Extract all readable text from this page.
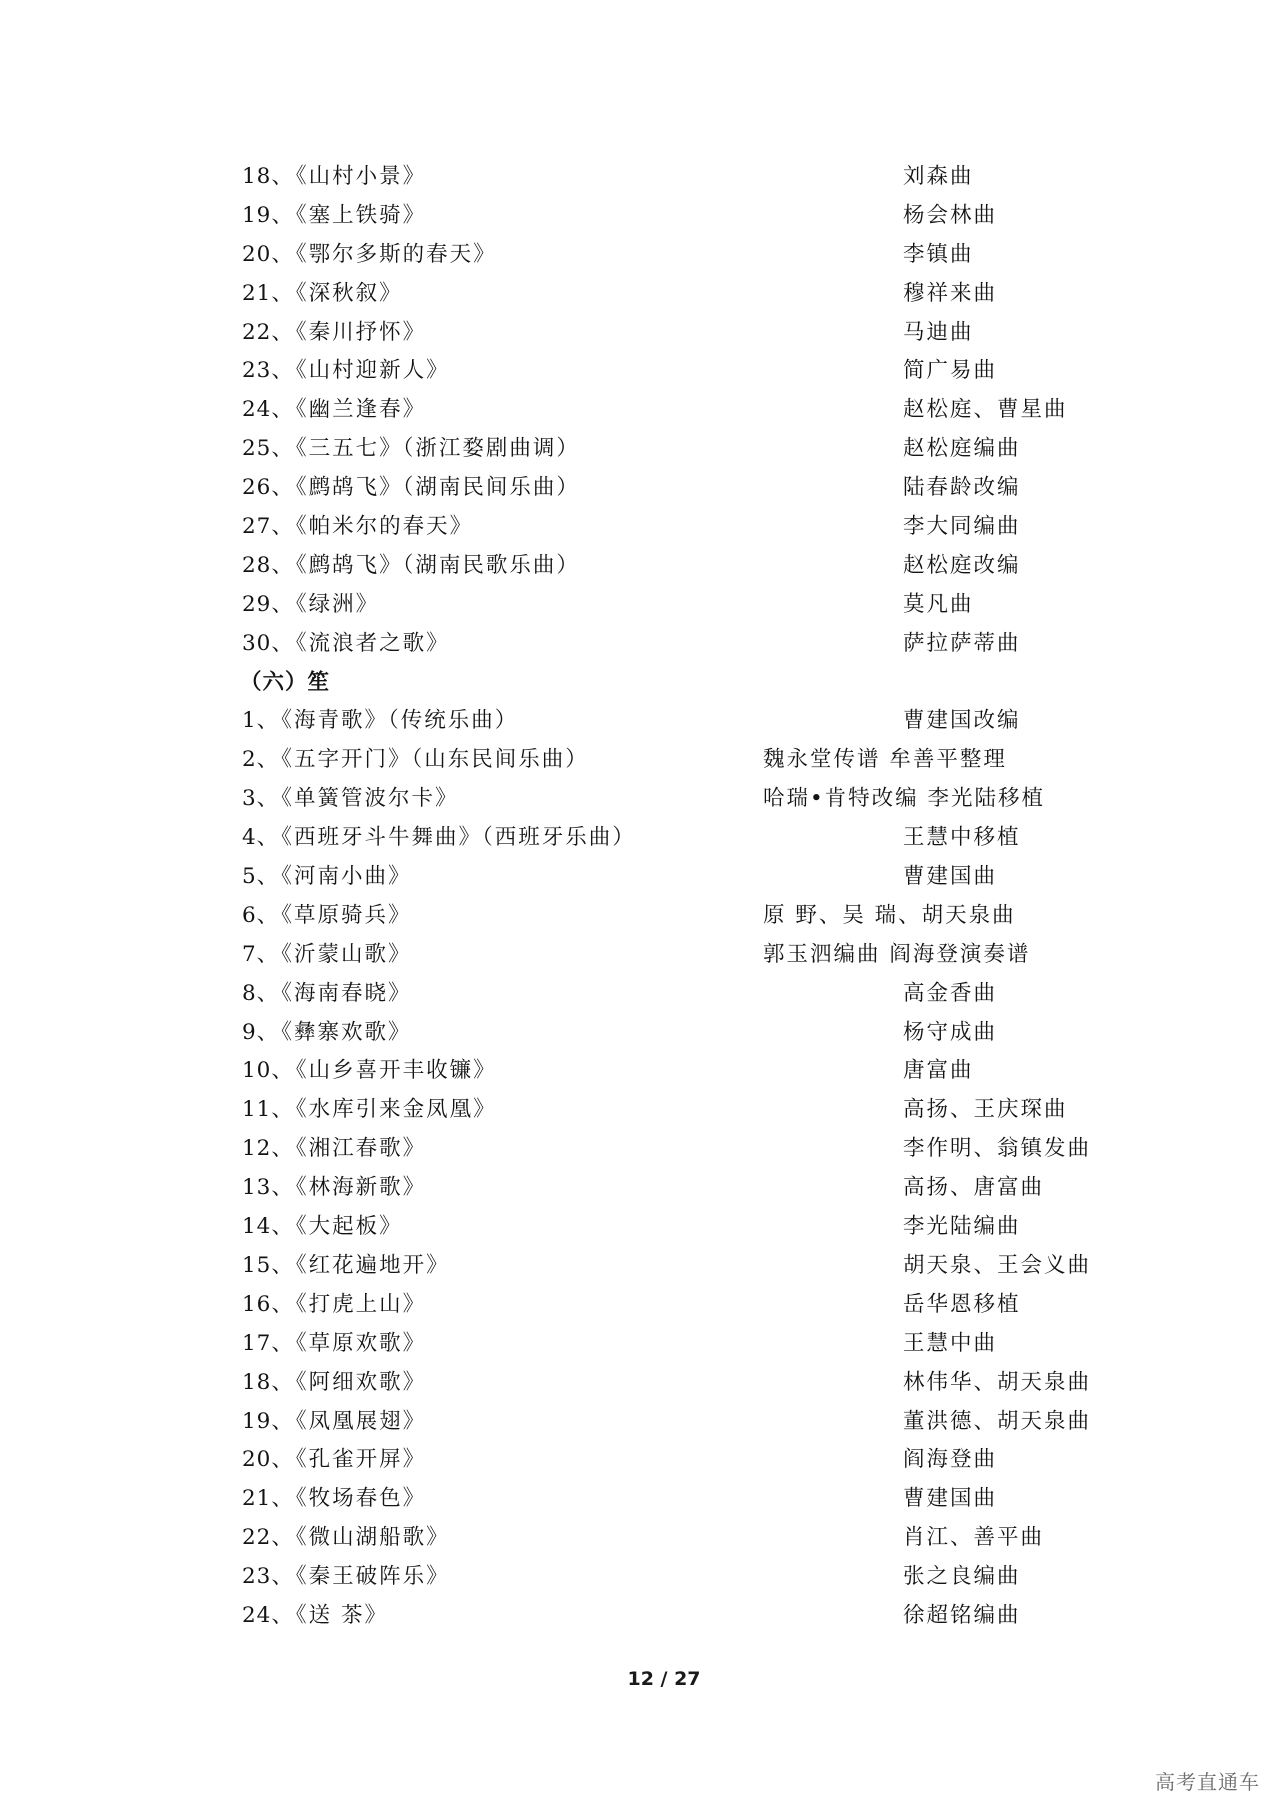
18、《山村小景》	刘森曲
19、《塞上铁骑》	杨会林曲
20、《鄂尔多斯的春天》	李镇曲
21、《深秋叙》	穆祥来曲
22、《秦川抒怀》	马迪曲
23、《山村迎新人》	简广易曲
24、《幽兰逢春》	赵松庭、曹星曲
25、《三五七》（浙江婺剧曲调）	赵松庭编曲
26、《鹧鸪飞》（湖南民间乐曲）	陆春龄改编
27、《帕米尔的春天》	李大同编曲
28、《鹧鸪飞》（湖南民歌乐曲）	赵松庭改编
29、《绿洲》	莫凡曲
30、《流浪者之歌》	萨拉萨蒂曲
（六）笙
1、《海青歌》（传统乐曲）	曹建国改编
2、《五字开门》（山东民间乐曲）	魏永堂传谱 牟善平整理
3、《单簧管波尔卡》	哈瑞•肯特改编 李光陆移植
4、《西班牙斗牛舞曲》（西班牙乐曲）	王慧中移植
5、《河南小曲》	曹建国曲
6、《草原骑兵》	原 野、吴 瑞、胡天泉曲
7、《沂蒙山歌》	郭玉泗编曲 阎海登演奏谱
8、《海南春晓》	高金香曲
9、《彝寨欢歌》	杨守成曲
10、《山乡喜开丰收镰》	唐富曲
11、《水库引来金凤凰》	高扬、王庆琛曲
12、《湘江春歌》	李作明、翁镇发曲
13、《林海新歌》	高扬、唐富曲
14、《大起板》	李光陆编曲
15、《红花遍地开》	胡天泉、王会义曲
16、《打虎上山》	岳华恩移植
17、《草原欢歌》	王慧中曲
18、《阿细欢歌》	林伟华、胡天泉曲
19、《凤凰展翅》	董洪德、胡天泉曲
20、《孔雀开屏》	阎海登曲
21、《牧场春色》	曹建国曲
22、《微山湖船歌》	肖江、善平曲
23、《秦王破阵乐》	张之良编曲
24、《送 茶》	徐超铭编曲
12 / 27
高考直通车
